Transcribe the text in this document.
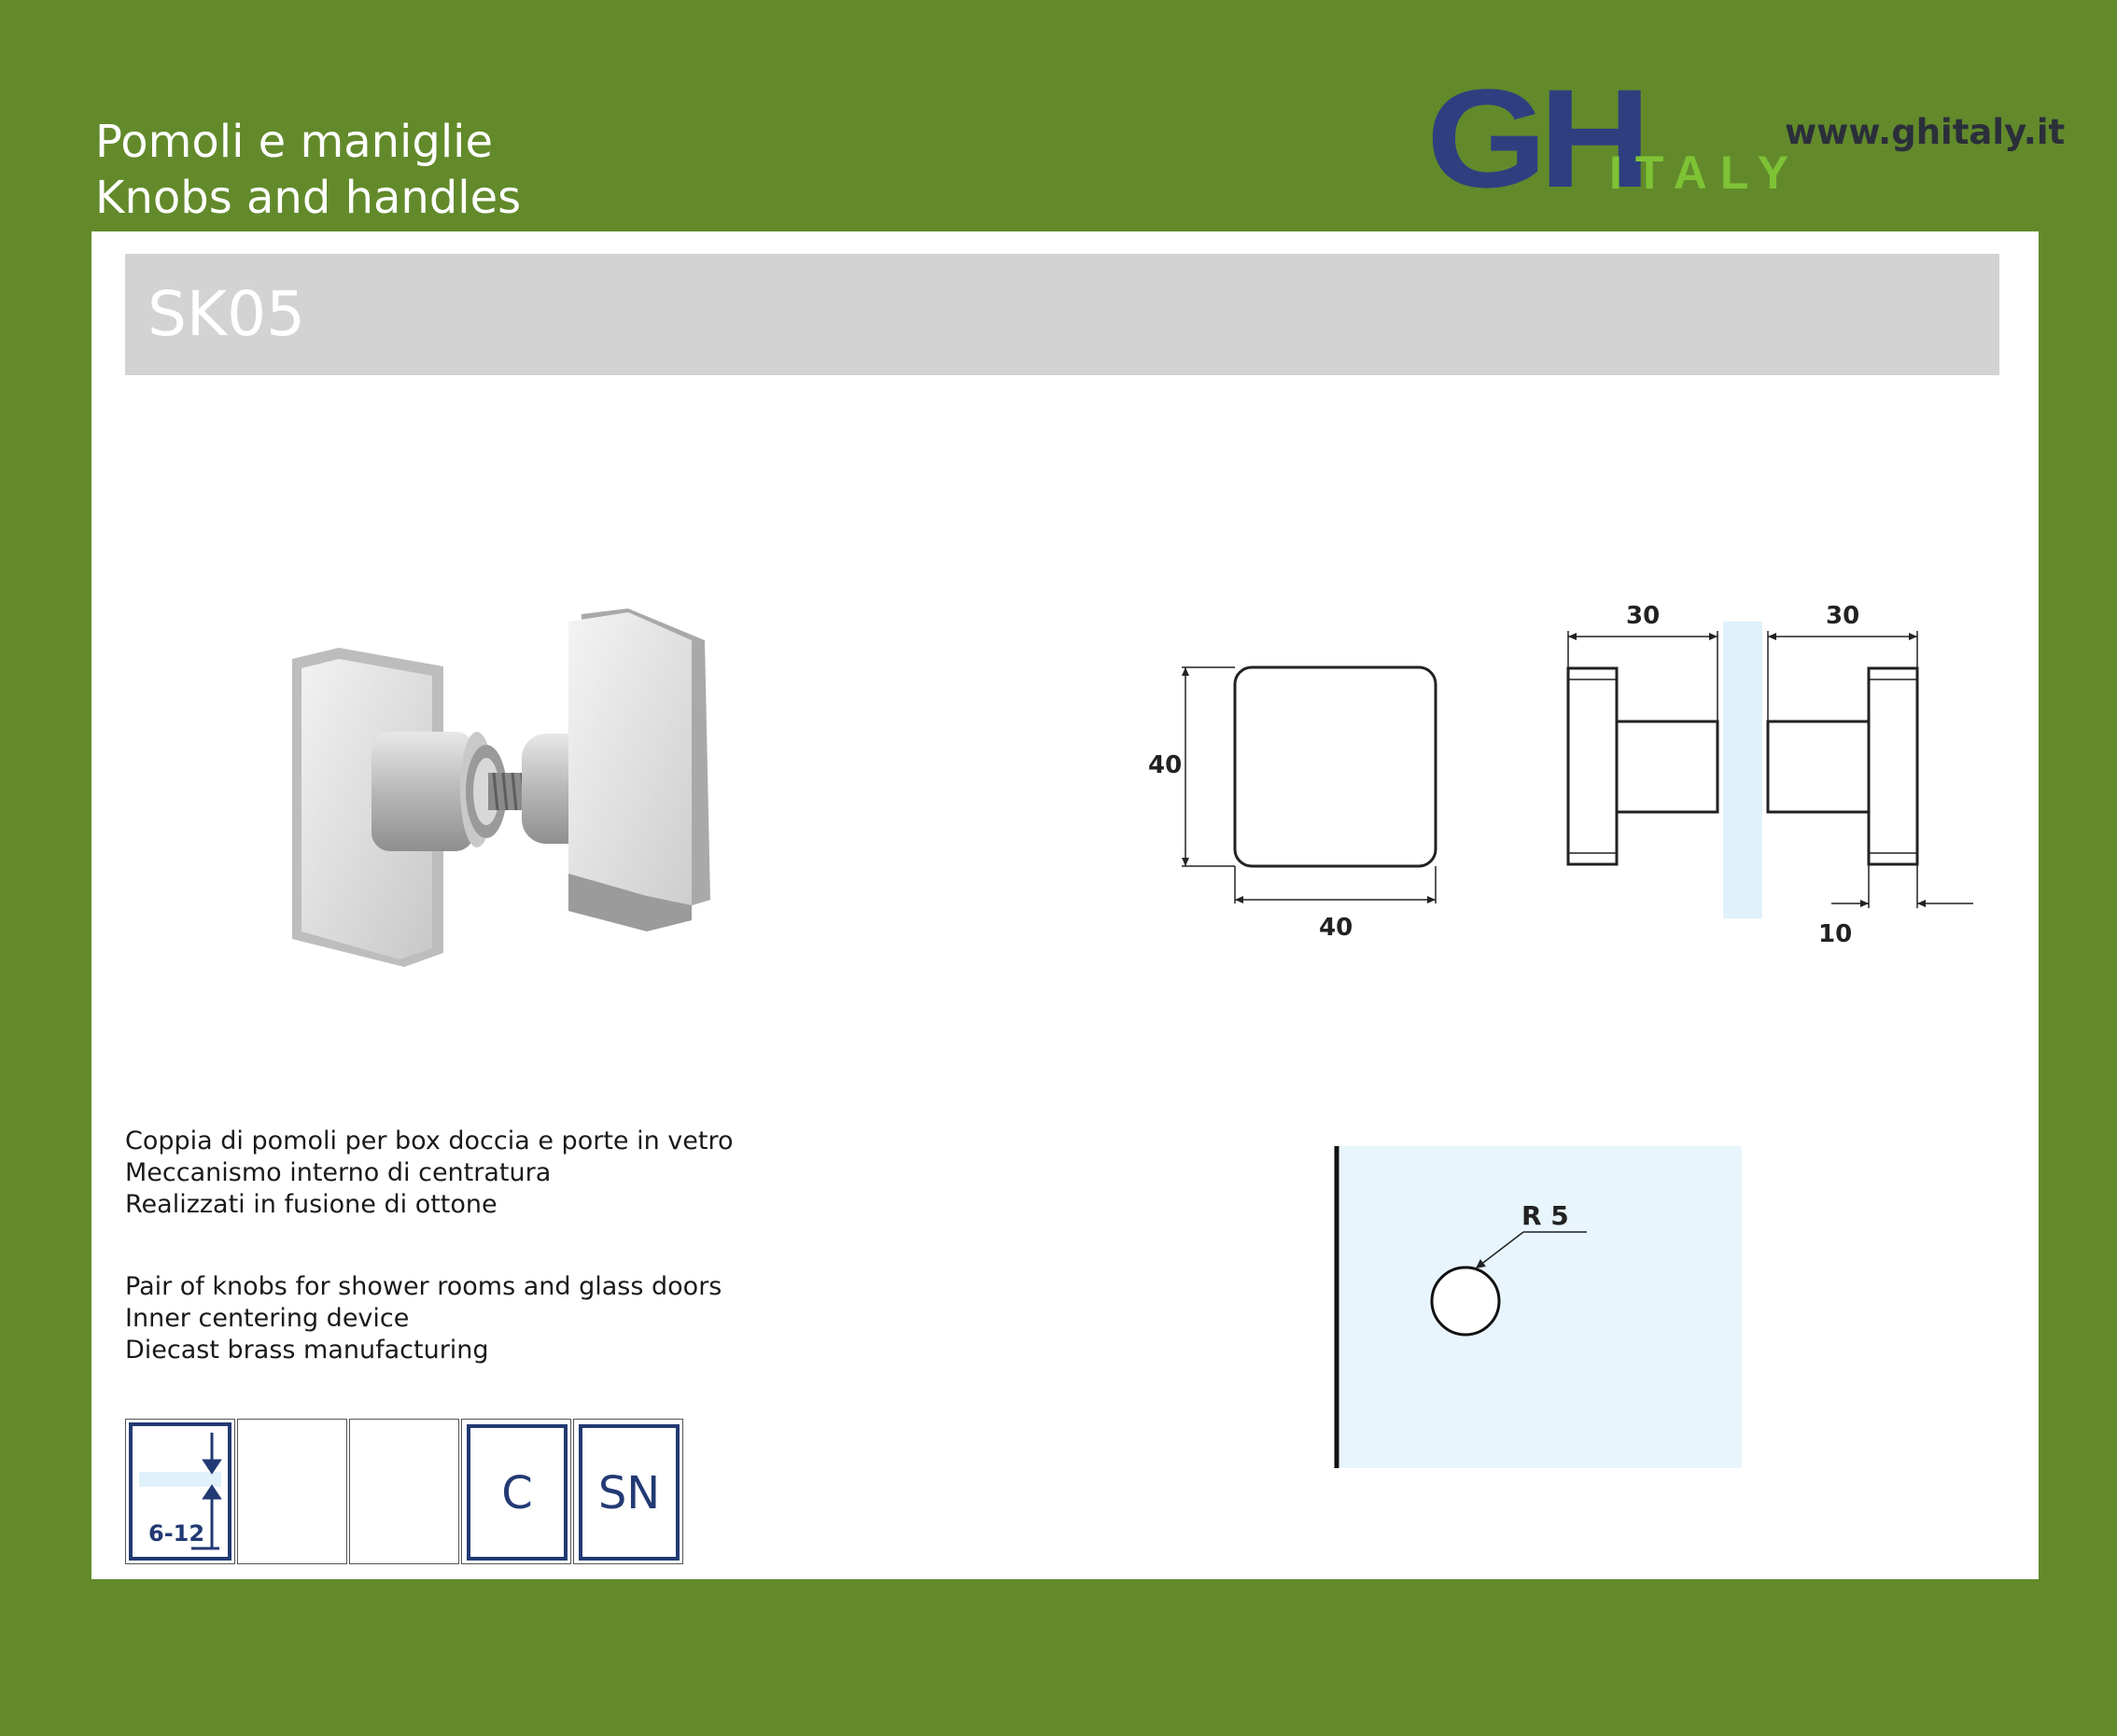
Pomoli e maniglie
Knobs and handles	GH
ITALY
www.ghitaly.it
SK05
40
40
30	30
10
R 5
Coppia di pomoli per box doccia e porte in vetro
Meccanismo interno di centratura
Realizzati in fusione di ottone
Pair of knobs for shower rooms and glass doors
Inner centering device
Diecast brass manufacturing
6-12
C	SN
